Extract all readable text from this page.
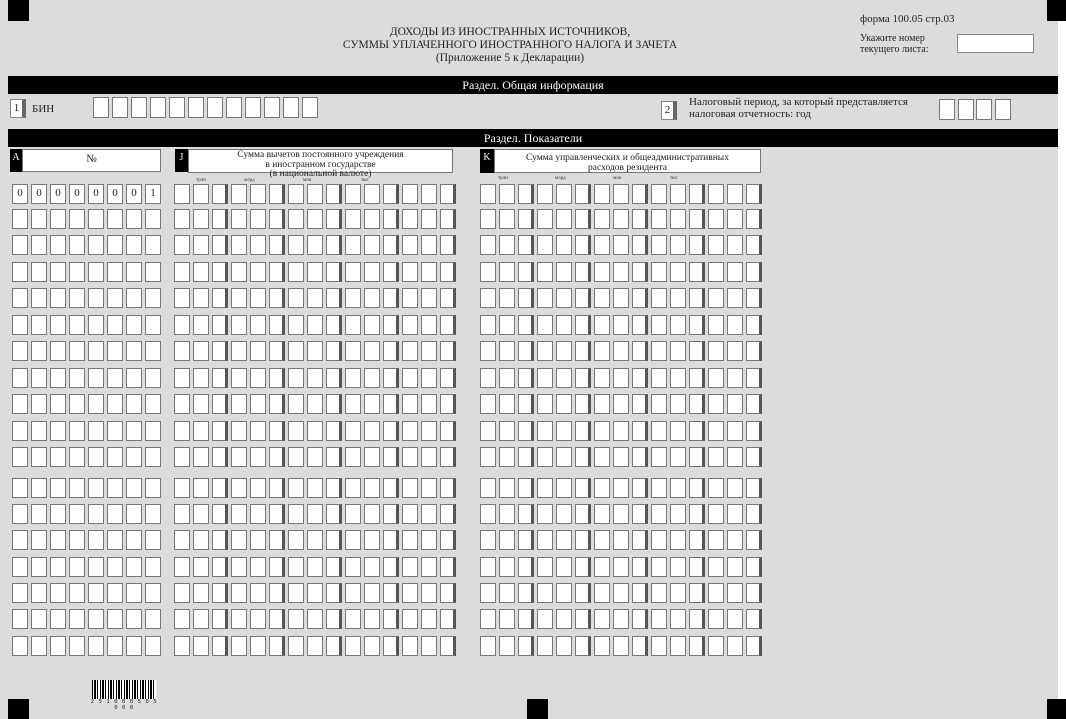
ДОХОДЫ ИЗ ИНОСТРАННЫХ ИСТОЧНИКОВ,
СУММЫ УПЛАЧЕННОГО ИНОСТРАННОГО НАЛОГА И ЗАЧЕТА
(Приложение 5 к Декларации)
форма 100.05 стр.03
Укажите номер
текущего листа:
Раздел. Общая информация
1	БИН	2
Налоговый период, за который представляется
налоговая отчетность: год
Раздел. Показатели
A	№	J	Сумма вычетов постоянного учреждения
в иностранном государстве
(в национальной валюте)
K	Сумма управленческих и общеадминистративных
расходов резидента
трлн	млрд	млн	тыс	трлн	млрд	млн	тыс
0	0	0	0	0	0	0	1
2 5 1 0 0 0 5 0 5 0 0 0
